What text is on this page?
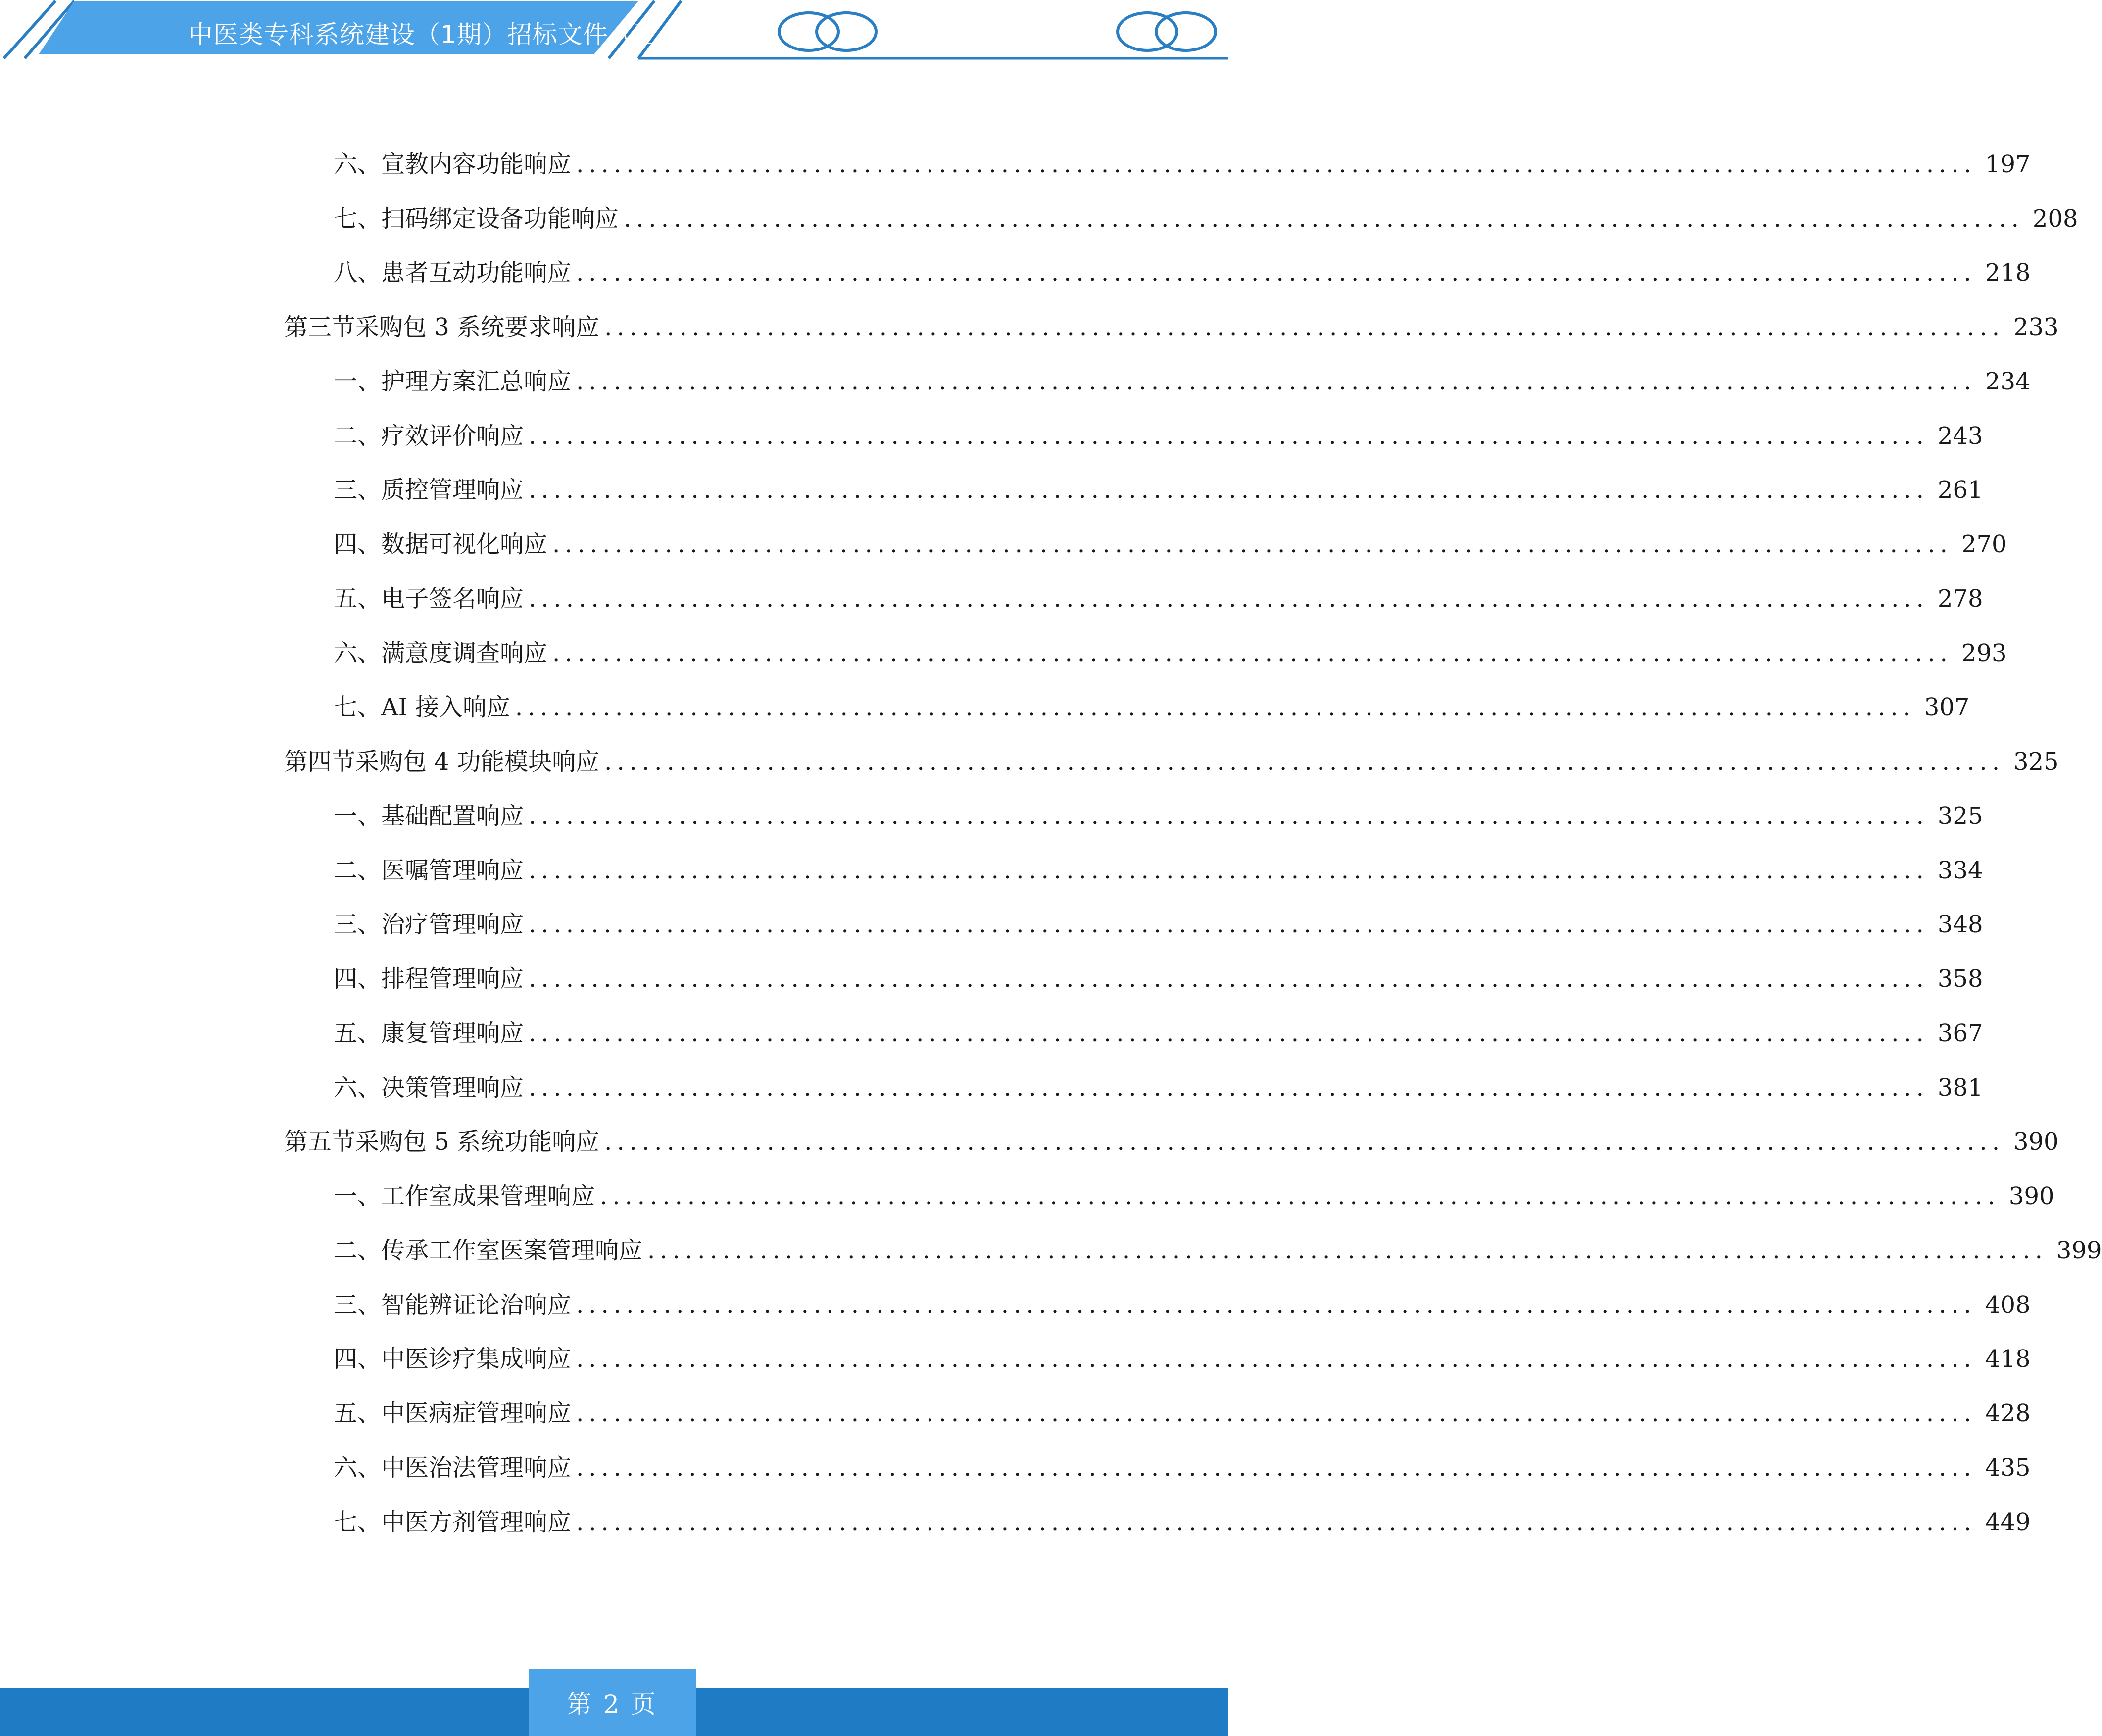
中医类专科系统建设（1期）招标文件（正
六、 宣教内容功能响应 ................................................................................................................ 197
七、 扫码绑定设备功能响应 ................................................................................................................ 208
八、 患者互动功能响应 ................................................................................................................ 218
第三节 采购包 3 系统要求响应 ................................................................................................................ 233
一、 护理方案汇总响应 ................................................................................................................ 234
二、 疗效评价响应 ................................................................................................................ 243
三、 质控管理响应 ................................................................................................................ 261
四、 数据可视化响应 ................................................................................................................ 270
五、 电子签名响应 ................................................................................................................ 278
六、 满意度调查响应 ................................................................................................................ 293
七、 AI 接入响应 ................................................................................................................ 307
第四节 采购包 4 功能模块响应 ................................................................................................................ 325
一、 基础配置响应 ................................................................................................................ 325
二、 医嘱管理响应 ................................................................................................................ 334
三、 治疗管理响应 ................................................................................................................ 348
四、 排程管理响应 ................................................................................................................ 358
五、 康复管理响应 ................................................................................................................ 367
六、 决策管理响应 ................................................................................................................ 381
第五节 采购包 5 系统功能响应 ................................................................................................................ 390
一、 工作室成果管理响应 ................................................................................................................ 390
二、 传承工作室医案管理响应 ................................................................................................................ 399
三、 智能辨证论治响应 ................................................................................................................ 408
四、 中医诊疗集成响应 ................................................................................................................ 418
五、 中医病症管理响应 ................................................................................................................ 428
六、 中医治法管理响应 ................................................................................................................ 435
七、 中医方剂管理响应 ................................................................................................................ 449
第 2 页
